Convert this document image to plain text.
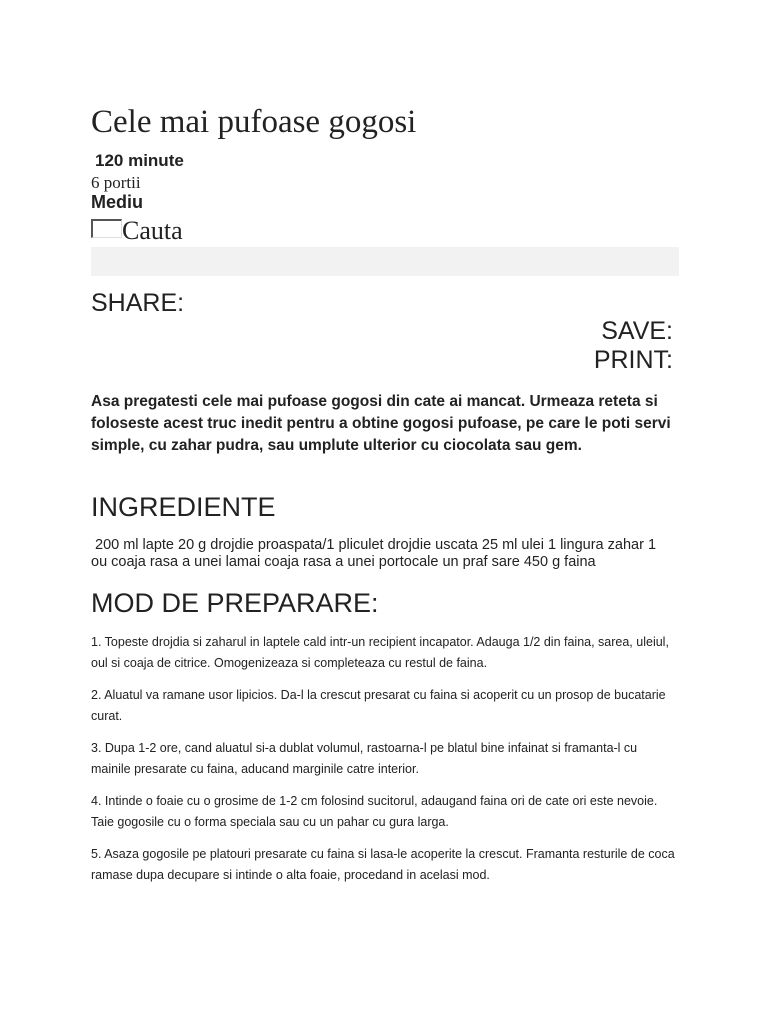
Cele mai pufoase gogosi
120 minute
6 portii
Mediu
Cauta
SHARE:
SAVE:
PRINT:

Asa pregatesti cele mai pufoase gogosi din cate ai mancat. Urmeaza reteta si foloseste acest truc inedit pentru a obtine gogosi pufoase, pe care le poti servi simple, cu zahar pudra, sau umplute ulterior cu ciocolata sau gem.

INGREDIENTE

200 ml lapte 20 g drojdie proaspata/1 pliculet drojdie uscata 25 ml ulei 1 lingura zahar 1 ou coaja rasa a unei lamai coaja rasa a unei portocale un praf sare 450 g faina

MOD DE PREPARARE:
1. Topeste drojdia si zaharul in laptele cald intr-un recipient incapator. Adauga 1/2 din faina, sarea, uleiul, oul si coaja de citrice. Omogenizeaza si completeaza cu restul de faina.
2. Aluatul va ramane usor lipicios. Da-l la crescut presarat cu faina si acoperit cu un prosop de bucatarie curat.
3. Dupa 1-2 ore, cand aluatul si-a dublat volumul, rastoarna-l pe blatul bine infainat si framanta-l cu mainile presarate cu faina, aducand marginile catre interior.
4. Intinde o foaie cu o grosime de 1-2 cm folosind sucitorul, adaugand faina ori de cate ori este nevoie. Taie gogosile cu o forma speciala sau cu un pahar cu gura larga.
5. Asaza gogosile pe platouri presarate cu faina si lasa-le acoperite la crescut. Framanta resturile de coca ramase dupa decupare si intinde o alta foaie, procedand in acelasi mod.
